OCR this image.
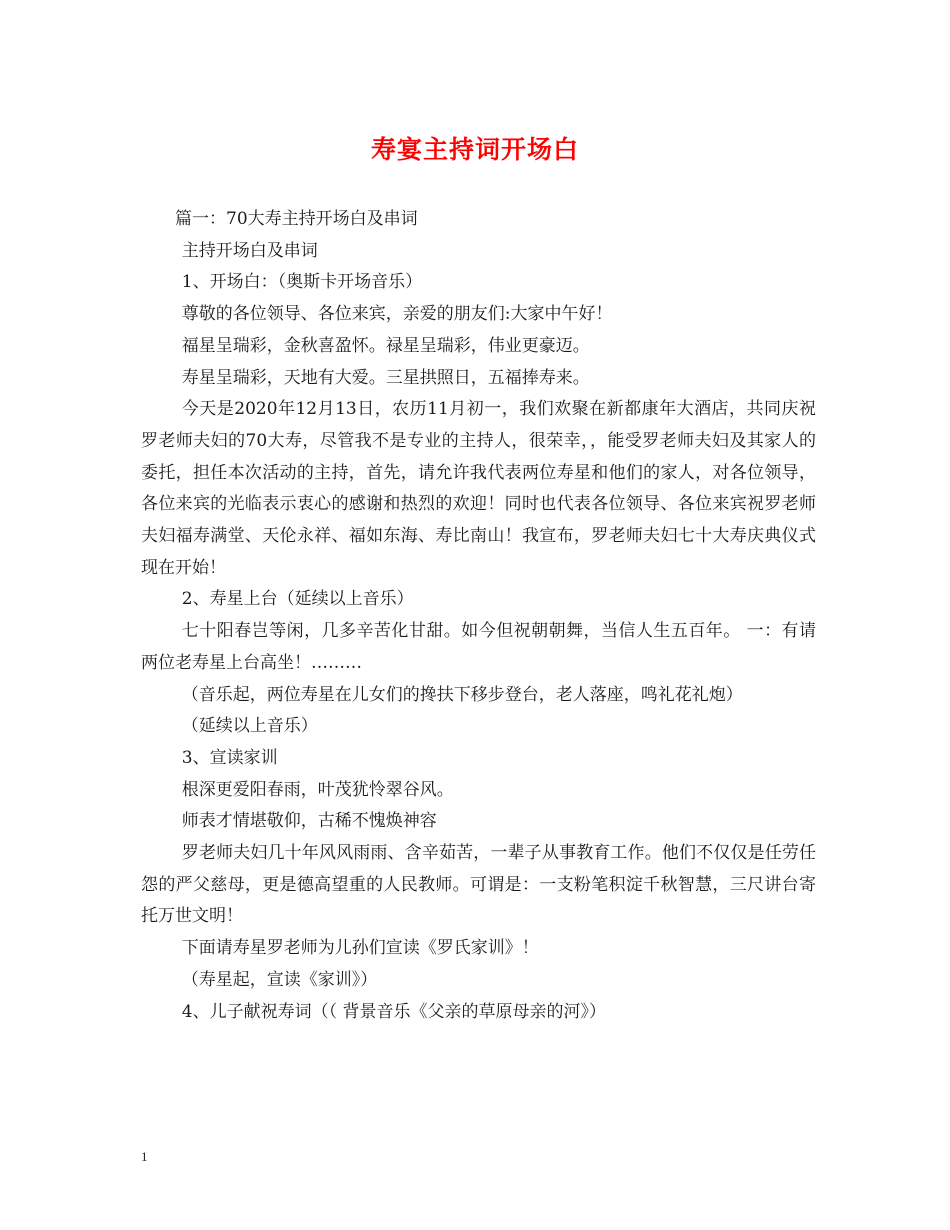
寿宴主持词开场白

篇一：70大寿主持开场白及串词

主持开场白及串词

1、开场白：（奥斯卡开场音乐）

尊敬的各位领导、各位来宾，亲爱的朋友们:大家中午好！

福星呈瑞彩，金秋喜盈怀。禄星呈瑞彩，伟业更豪迈。

寿星呈瑞彩，天地有大爱。三星拱照日，五福捧寿来。

今天是2020年12月13日，农历11月初一，我们欢聚在新都康年大酒店，共同庆祝罗老师夫妇的70大寿，尽管我不是专业的主持人，很荣幸，，能受罗老师夫妇及其家人的委托，担任本次活动的主持，首先，请允许我代表两位寿星和他们的家人，对各位领导，各位来宾的光临表示衷心的感谢和热烈的欢迎！同时也代表各位领导、各位来宾祝罗老师夫妇福寿满堂、天伦永祥、福如东海、寿比南山！我宣布，罗老师夫妇七十大寿庆典仪式现在开始！

2、寿星上台（延续以上音乐）

七十阳春岂等闲，几多辛苦化甘甜。如今但祝朝朝舞，当信人生五百年。 一：有请两位老寿星上台高坐！………

（音乐起，两位寿星在儿女们的搀扶下移步登台，老人落座，鸣礼花礼炮）

（延续以上音乐）

3、宣读家训

根深更爱阳春雨，叶茂犹怜翠谷风。

师表才情堪敬仰，古稀不愧焕神容

罗老师夫妇几十年风风雨雨、含辛茹苦，一辈子从事教育工作。他们不仅仅是任劳任怨的严父慈母，更是德高望重的人民教师。可谓是：一支粉笔积淀千秋智慧，三尺讲台寄托万世文明！

下面请寿星罗老师为儿孙们宣读《罗氏家训》！

（寿星起，宣读《家训》）

4、儿子献祝寿词（（ 背景音乐《父亲的草原母亲的河》）

1
